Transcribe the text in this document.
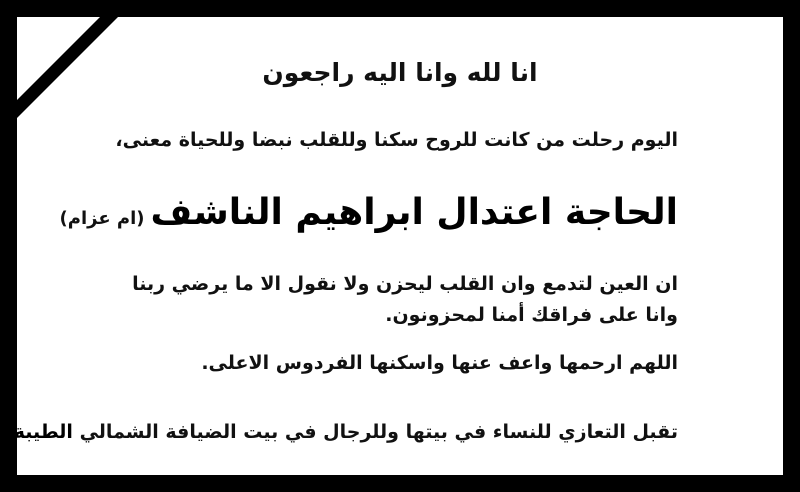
انا لله وانا اليه راجعون
اليوم رحلت من كانت للروح سكنا وللقلب نبضا وللحياة معنى،
الحاجة اعتدال ابراهيم الناشف(ام عزام)
ان العين لتدمع وان القلب ليحزن ولا نقول الا ما يرضي ربنا
وانا على فراقك أمنا لمحزونون.
اللهم ارحمها واعف عنها واسكنها الفردوس الاعلى.
تقبل التعازي للنساء في بيتها وللرجال في بيت الضيافة الشمالي الطيبة
